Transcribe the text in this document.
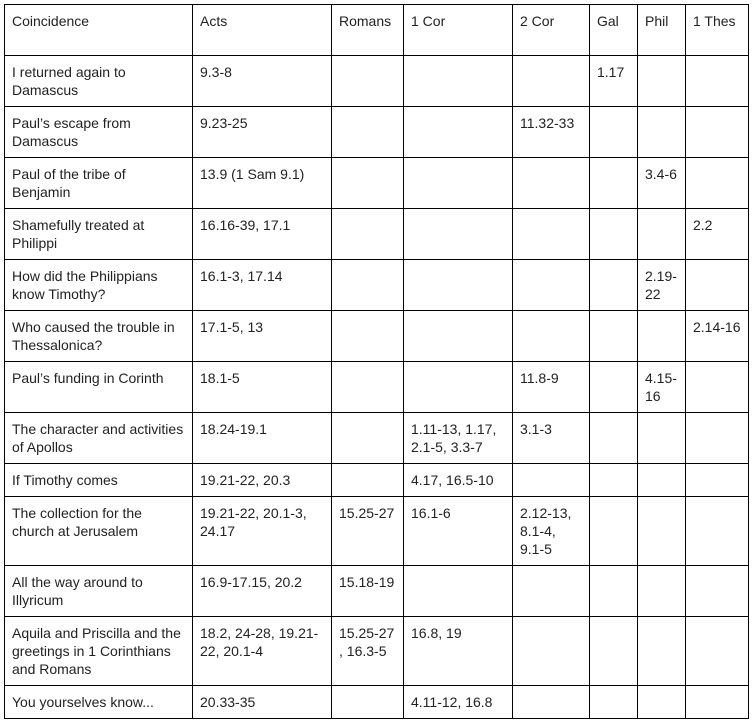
Coincidence	Acts	Romans	1 Cor	2 Cor	Gal	Phil	1 Thes
I returned again to Damascus	9.3-8				1.17		
Paul’s escape from Damascus	9.23-25			11.32-33			
Paul of the tribe of Benjamin	13.9 (1 Sam 9.1)					3.4-6	
Shamefully treated at Philippi	16.16-39, 17.1						2.2
How did the Philippians know Timothy?	16.1-3, 17.14					2.19-22	
Who caused the trouble in Thessalonica?	17.1-5, 13						2.14-16
Paul’s funding in Corinth	18.1-5			11.8-9		4.15-16	
The character and activities of Apollos	18.24-19.1		1.11-13, 1.17, 2.1-5, 3.3-7	3.1-3			
If Timothy comes	19.21-22, 20.3		4.17, 16.5-10				
The collection for the church at Jerusalem	19.21-22, 20.1-3, 24.17	15.25-27	16.1-6	2.12-13, 8.1-4, 9.1-5			
All the way around to Illyricum	16.9-17.15, 20.2	15.18-19					
Aquila and Priscilla and the greetings in 1 Corinthians and Romans	18.2, 24-28, 19.21-22, 20.1-4	15.25-27 , 16.3-5	16.8, 19				
You yourselves know...	20.33-35		4.11-12, 16.8				
